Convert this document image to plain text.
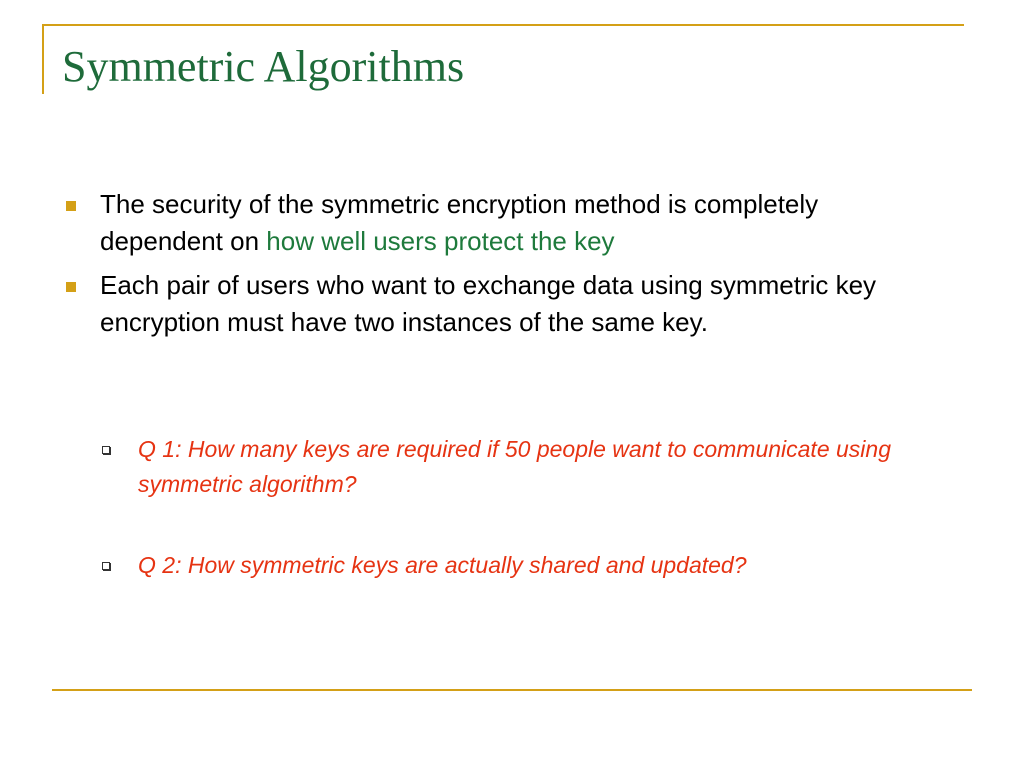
Symmetric Algorithms
The security of the symmetric encryption method is completely dependent on how well users protect the key
Each pair of users who want to exchange data using symmetric key encryption must have two instances of the same key.
Q 1: How many keys are required if 50 people want to communicate using symmetric algorithm?
Q 2: How symmetric keys are actually shared and updated?
